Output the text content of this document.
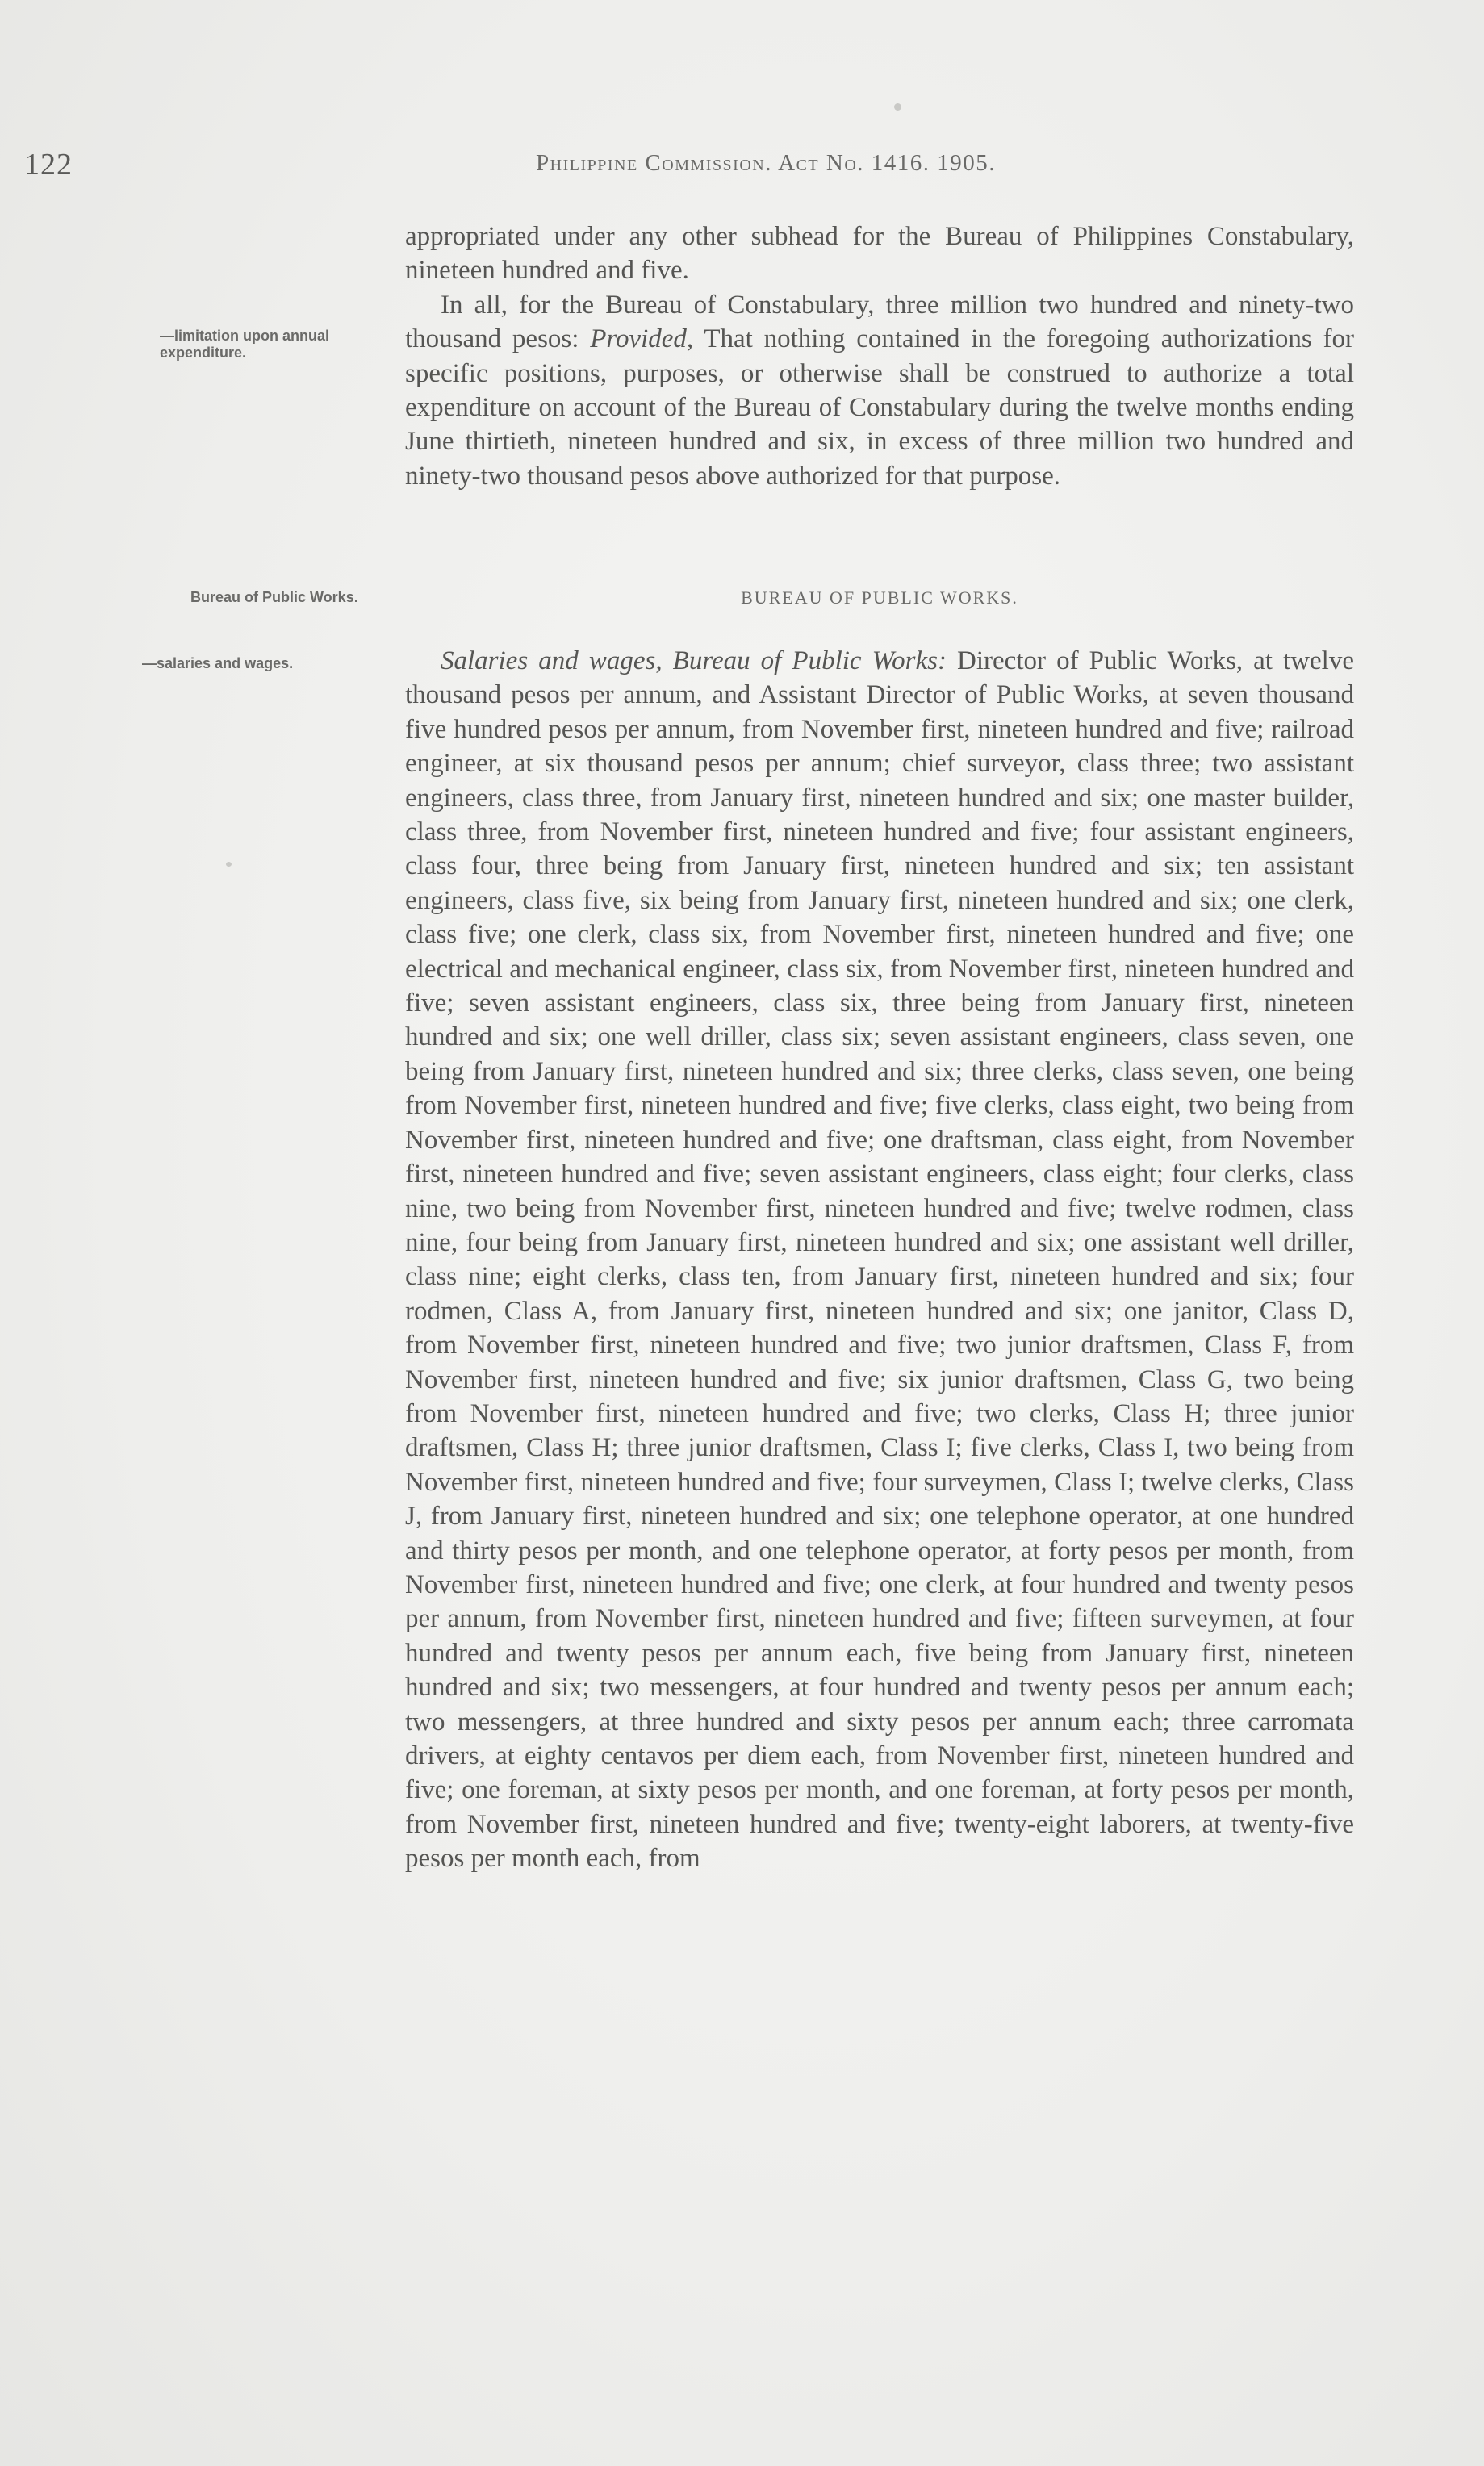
122	Philippine Commission. Act No. 1416. 1905.
—limitation upon annual expenditure.
Bureau of Public Works.
—salaries and wages.

appropriated under any other subhead for the Bureau of Philippines Constabulary, nineteen hundred and five.

In all, for the Bureau of Constabulary, three million two hundred and ninety-two thousand pesos: Provided, That nothing contained in the foregoing authorizations for specific positions, purposes, or otherwise shall be construed to authorize a total expenditure on account of the Bureau of Constabulary during the twelve months ending June thirtieth, nineteen hundred and six, in excess of three million two hundred and ninety-two thousand pesos above authorized for that purpose.

BUREAU OF PUBLIC WORKS.

Salaries and wages, Bureau of Public Works: Director of Public Works, at twelve thousand pesos per annum, and Assistant Director of Public Works, at seven thousand five hundred pesos per annum, from November first, nineteen hundred and five; railroad engineer, at six thousand pesos per annum; chief surveyor, class three; two assistant engineers, class three, from January first, nineteen hundred and six; one master builder, class three, from November first, nineteen hundred and five; four assistant engineers, class four, three being from January first, nineteen hundred and six; ten assistant engineers, class five, six being from January first, nineteen hundred and six; one clerk, class five; one clerk, class six, from November first, nineteen hundred and five; one electrical and mechanical engineer, class six, from November first, nineteen hundred and five; seven assistant engineers, class six, three being from January first, nineteen hundred and six; one well driller, class six; seven assistant engineers, class seven, one being from January first, nineteen hundred and six; three clerks, class seven, one being from November first, nineteen hundred and five; five clerks, class eight, two being from November first, nineteen hundred and five; one draftsman, class eight, from November first, nineteen hundred and five; seven assistant engineers, class eight; four clerks, class nine, two being from November first, nineteen hundred and five; twelve rodmen, class nine, four being from January first, nineteen hundred and six; one assistant well driller, class nine; eight clerks, class ten, from January first, nineteen hundred and six; four rodmen, Class A, from January first, nineteen hundred and six; one janitor, Class D, from November first, nineteen hundred and five; two junior draftsmen, Class F, from November first, nineteen hundred and five; six junior draftsmen, Class G, two being from November first, nineteen hundred and five; two clerks, Class H; three junior draftsmen, Class H; three junior draftsmen, Class I; five clerks, Class I, two being from November first, nineteen hundred and five; four surveymen, Class I; twelve clerks, Class J, from January first, nineteen hundred and six; one telephone operator, at one hundred and thirty pesos per month, and one telephone operator, at forty pesos per month, from November first, nineteen hundred and five; one clerk, at four hundred and twenty pesos per annum, from November first, nineteen hundred and five; fifteen surveymen, at four hundred and twenty pesos per annum each, five being from January first, nineteen hundred and six; two messengers, at four hundred and twenty pesos per annum each; two messengers, at three hundred and sixty pesos per annum each; three carromata drivers, at eighty centavos per diem each, from November first, nineteen hundred and five; one foreman, at sixty pesos per month, and one foreman, at forty pesos per month, from November first, nineteen hundred and five; twenty-eight laborers, at twenty-five pesos per month each, from
